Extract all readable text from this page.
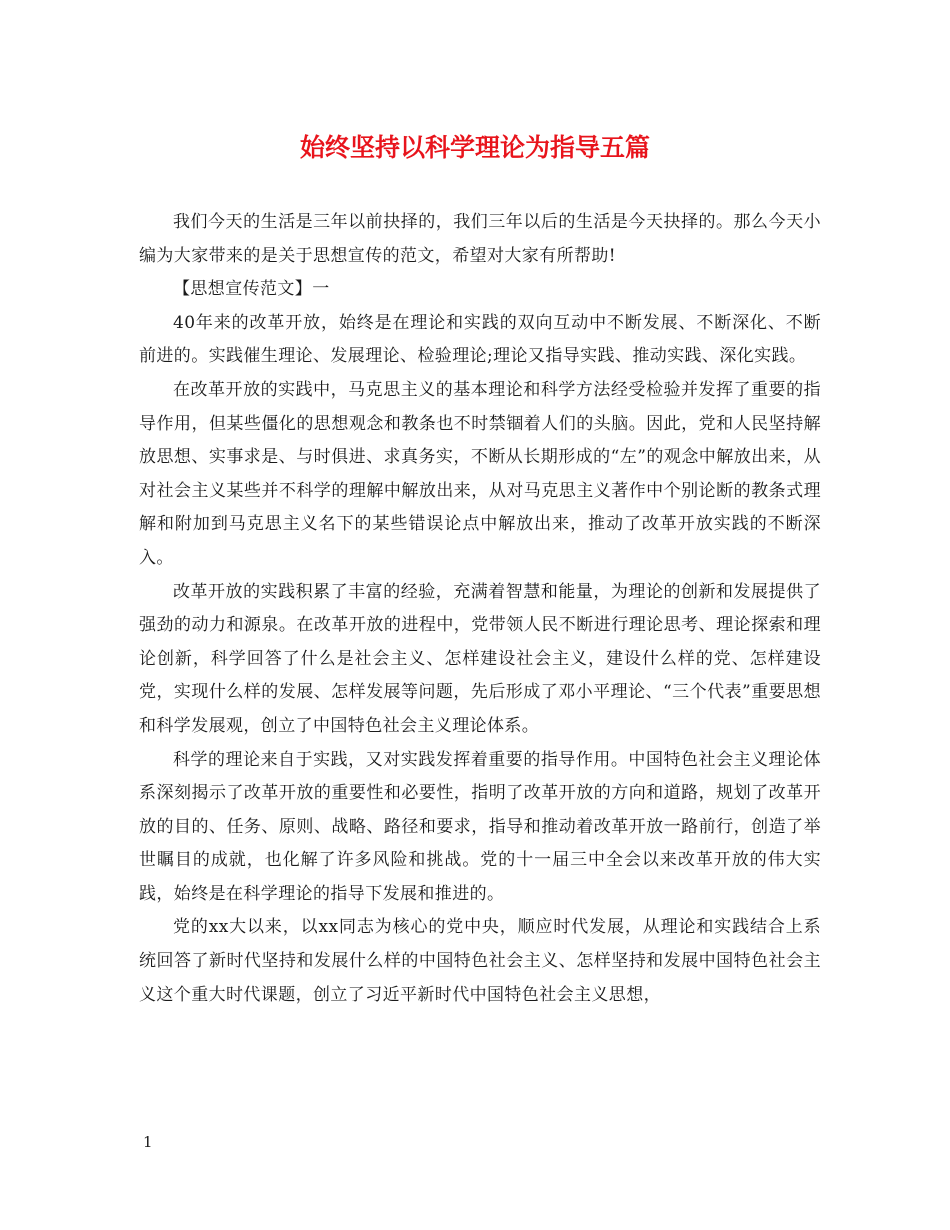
始终坚持以科学理论为指导五篇

我们今天的生活是三年以前抉择的，我们三年以后的生活是今天抉择的。那么今天小编为大家带来的是关于思想宣传的范文，希望对大家有所帮助!

【思想宣传范文】一

40年来的改革开放，始终是在理论和实践的双向互动中不断发展、不断深化、不断前进的。实践催生理论、发展理论、检验理论;理论又指导实践、推动实践、深化实践。

在改革开放的实践中，马克思主义的基本理论和科学方法经受检验并发挥了重要的指导作用，但某些僵化的思想观念和教条也不时禁锢着人们的头脑。因此，党和人民坚持解放思想、实事求是、与时俱进、求真务实，不断从长期形成的“左”的观念中解放出来，从对社会主义某些并不科学的理解中解放出来，从对马克思主义著作中个别论断的教条式理解和附加到马克思主义名下的某些错误论点中解放出来，推动了改革开放实践的不断深入。

改革开放的实践积累了丰富的经验，充满着智慧和能量，为理论的创新和发展提供了强劲的动力和源泉。在改革开放的进程中，党带领人民不断进行理论思考、理论探索和理论创新，科学回答了什么是社会主义、怎样建设社会主义，建设什么样的党、怎样建设党，实现什么样的发展、怎样发展等问题，先后形成了邓小平理论、“三个代表”重要思想和科学发展观，创立了中国特色社会主义理论体系。

科学的理论来自于实践，又对实践发挥着重要的指导作用。中国特色社会主义理论体系深刻揭示了改革开放的重要性和必要性，指明了改革开放的方向和道路，规划了改革开放的目的、任务、原则、战略、路径和要求，指导和推动着改革开放一路前行，创造了举世瞩目的成就，也化解了许多风险和挑战。党的十一届三中全会以来改革开放的伟大实践，始终是在科学理论的指导下发展和推进的。

党的xx大以来，以xx同志为核心的党中央，顺应时代发展，从理论和实践结合上系统回答了新时代坚持和发展什么样的中国特色社会主义、怎样坚持和发展中国特色社会主义这个重大时代课题，创立了习近平新时代中国特色社会主义思想，

1
